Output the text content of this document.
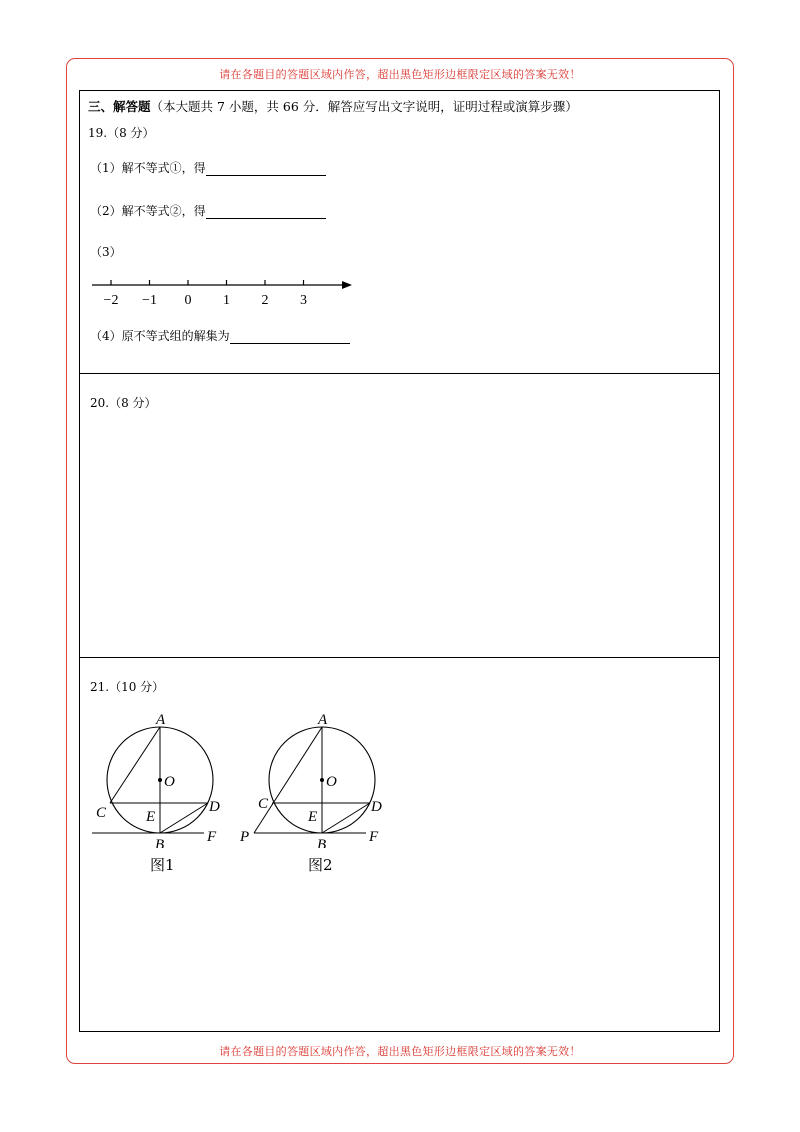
请在各题目的答题区域内作答，超出黑色矩形边框限定区域的答案无效！
请在各题目的答题区域内作答，超出黑色矩形边框限定区域的答案无效！
三、解答题（本大题共 7 小题，共 66 分．解答应写出文字说明，证明过程或演算步骤）
19.（8 分）
（1）解不等式①，得
（2）解不等式②，得
（3）
−2 −1 0 1 2 3
（4）原不等式组的解集为
20.（8 分）
21.（10 分）
A
O
C	E
D
B	F
图1
A
O
C
E
D
B
P	F
图2
